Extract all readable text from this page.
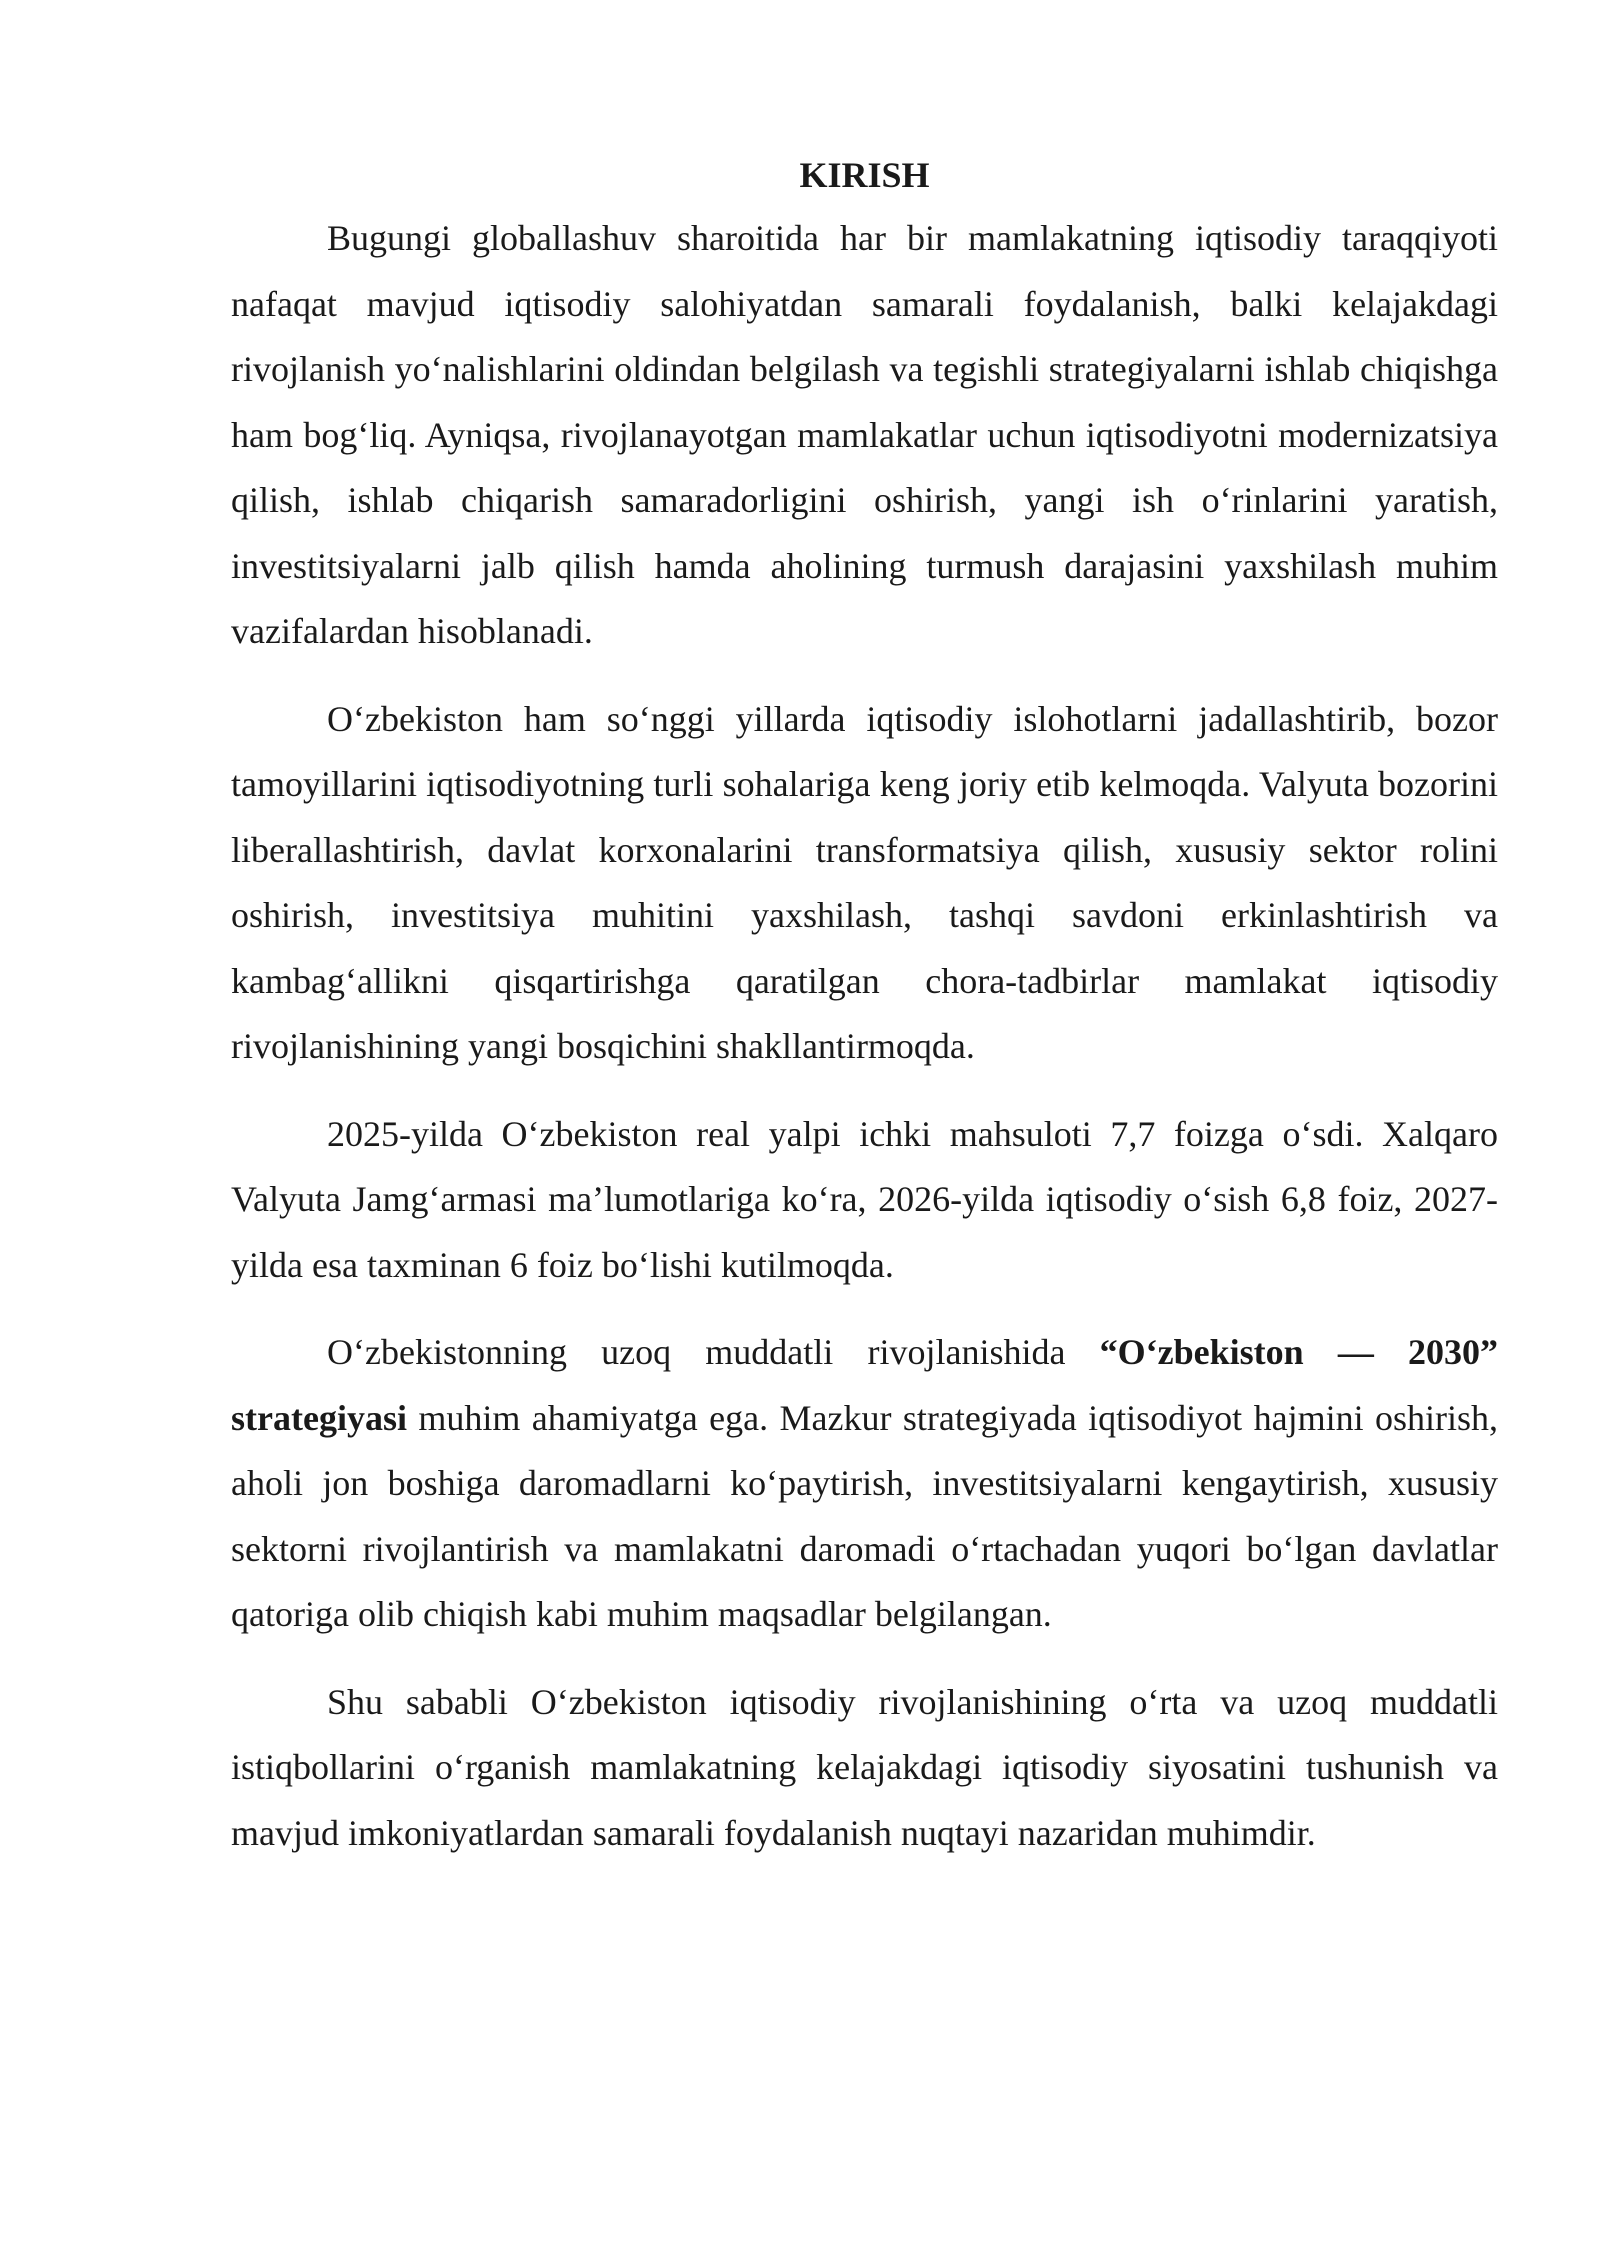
KIRISH

Bugungi globallashuv sharoitida har bir mamlakatning iqtisodiy taraqqiyoti nafaqat mavjud iqtisodiy salohiyatdan samarali foydalanish, balki kelajakdagi rivojlanish yo‘nalishlarini oldindan belgilash va tegishli strategiyalarni ishlab chiqishga ham bog‘liq. Ayniqsa, rivojlanayotgan mamlakatlar uchun iqtisodiyotni modernizatsiya qilish, ishlab chiqarish samaradorligini oshirish, yangi ish o‘rinlarini yaratish, investitsiyalarni jalb qilish hamda aholining turmush darajasini yaxshilash muhim vazifalardan hisoblanadi.

O‘zbekiston ham so‘nggi yillarda iqtisodiy islohotlarni jadallashtirib, bozor tamoyillarini iqtisodiyotning turli sohalariga keng joriy etib kelmoqda. Valyuta bozorini liberallashtirish, davlat korxonalarini transformatsiya qilish, xususiy sektor rolini oshirish, investitsiya muhitini yaxshilash, tashqi savdoni erkinlashtirish va kambag‘allikni qisqartirishga qaratilgan chora-tadbirlar mamlakat iqtisodiy rivojlanishining yangi bosqichini shakllantirmoqda.

2025-yilda O‘zbekiston real yalpi ichki mahsuloti 7,7 foizga o‘sdi. Xalqaro Valyuta Jamg‘armasi ma’lumotlariga ko‘ra, 2026-yilda iqtisodiy o‘sish 6,8 foiz, 2027-yilda esa taxminan 6 foiz bo‘lishi kutilmoqda.

O‘zbekistonning uzoq muddatli rivojlanishida “O‘zbekiston — 2030” strategiyasi muhim ahamiyatga ega. Mazkur strategiyada iqtisodiyot hajmini oshirish, aholi jon boshiga daromadlarni ko‘paytirish, investitsiyalarni kengaytirish, xususiy sektorni rivojlantirish va mamlakatni daromadi o‘rtachadan yuqori bo‘lgan davlatlar qatoriga olib chiqish kabi muhim maqsadlar belgilangan.

Shu sababli O‘zbekiston iqtisodiy rivojlanishining o‘rta va uzoq muddatli istiqbollarini o‘rganish mamlakatning kelajakdagi iqtisodiy siyosatini tushunish va mavjud imkoniyatlardan samarali foydalanish nuqtayi nazaridan muhimdir.
